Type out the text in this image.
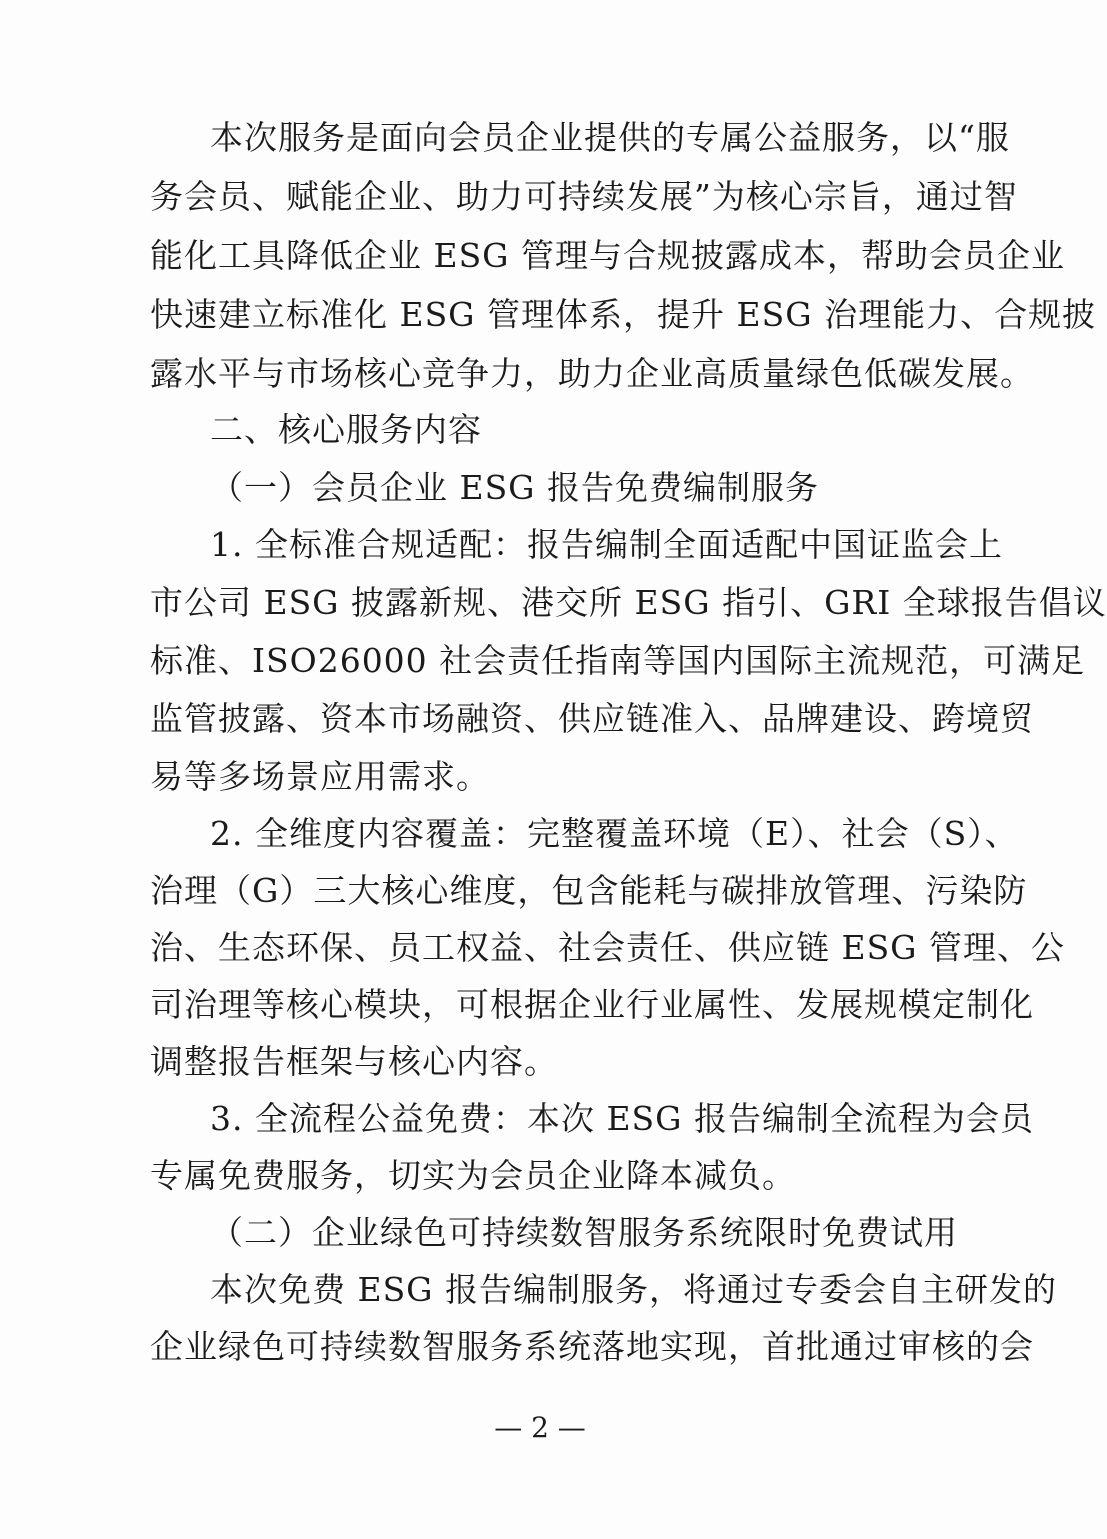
本次服务是面向会员企业提供的专属公益服务，以“服
务会员、赋能企业、助力可持续发展”为核心宗旨，通过智
能化工具降低企业 ESG 管理与合规披露成本，帮助会员企业
快速建立标准化 ESG 管理体系，提升 ESG 治理能力、合规披
露水平与市场核心竞争力，助力企业高质量绿色低碳发展。
二、核心服务内容
（一）会员企业 ESG 报告免费编制服务
1. 全标准合规适配：报告编制全面适配中国证监会上
市公司 ESG 披露新规、港交所 ESG 指引、GRI 全球报告倡议
标准、ISO26000 社会责任指南等国内国际主流规范，可满足
监管披露、资本市场融资、供应链准入、品牌建设、跨境贸
易等多场景应用需求。
2. 全维度内容覆盖：完整覆盖环境（E）、社会（S）、
治理（G）三大核心维度，包含能耗与碳排放管理、污染防
治、生态环保、员工权益、社会责任、供应链 ESG 管理、公
司治理等核心模块，可根据企业行业属性、发展规模定制化
调整报告框架与核心内容。
3. 全流程公益免费：本次 ESG 报告编制全流程为会员
专属免费服务，切实为会员企业降本减负。
（二）企业绿色可持续数智服务系统限时免费试用
本次免费 ESG 报告编制服务，将通过专委会自主研发的
企业绿色可持续数智服务系统落地实现，首批通过审核的会
— 2 —
